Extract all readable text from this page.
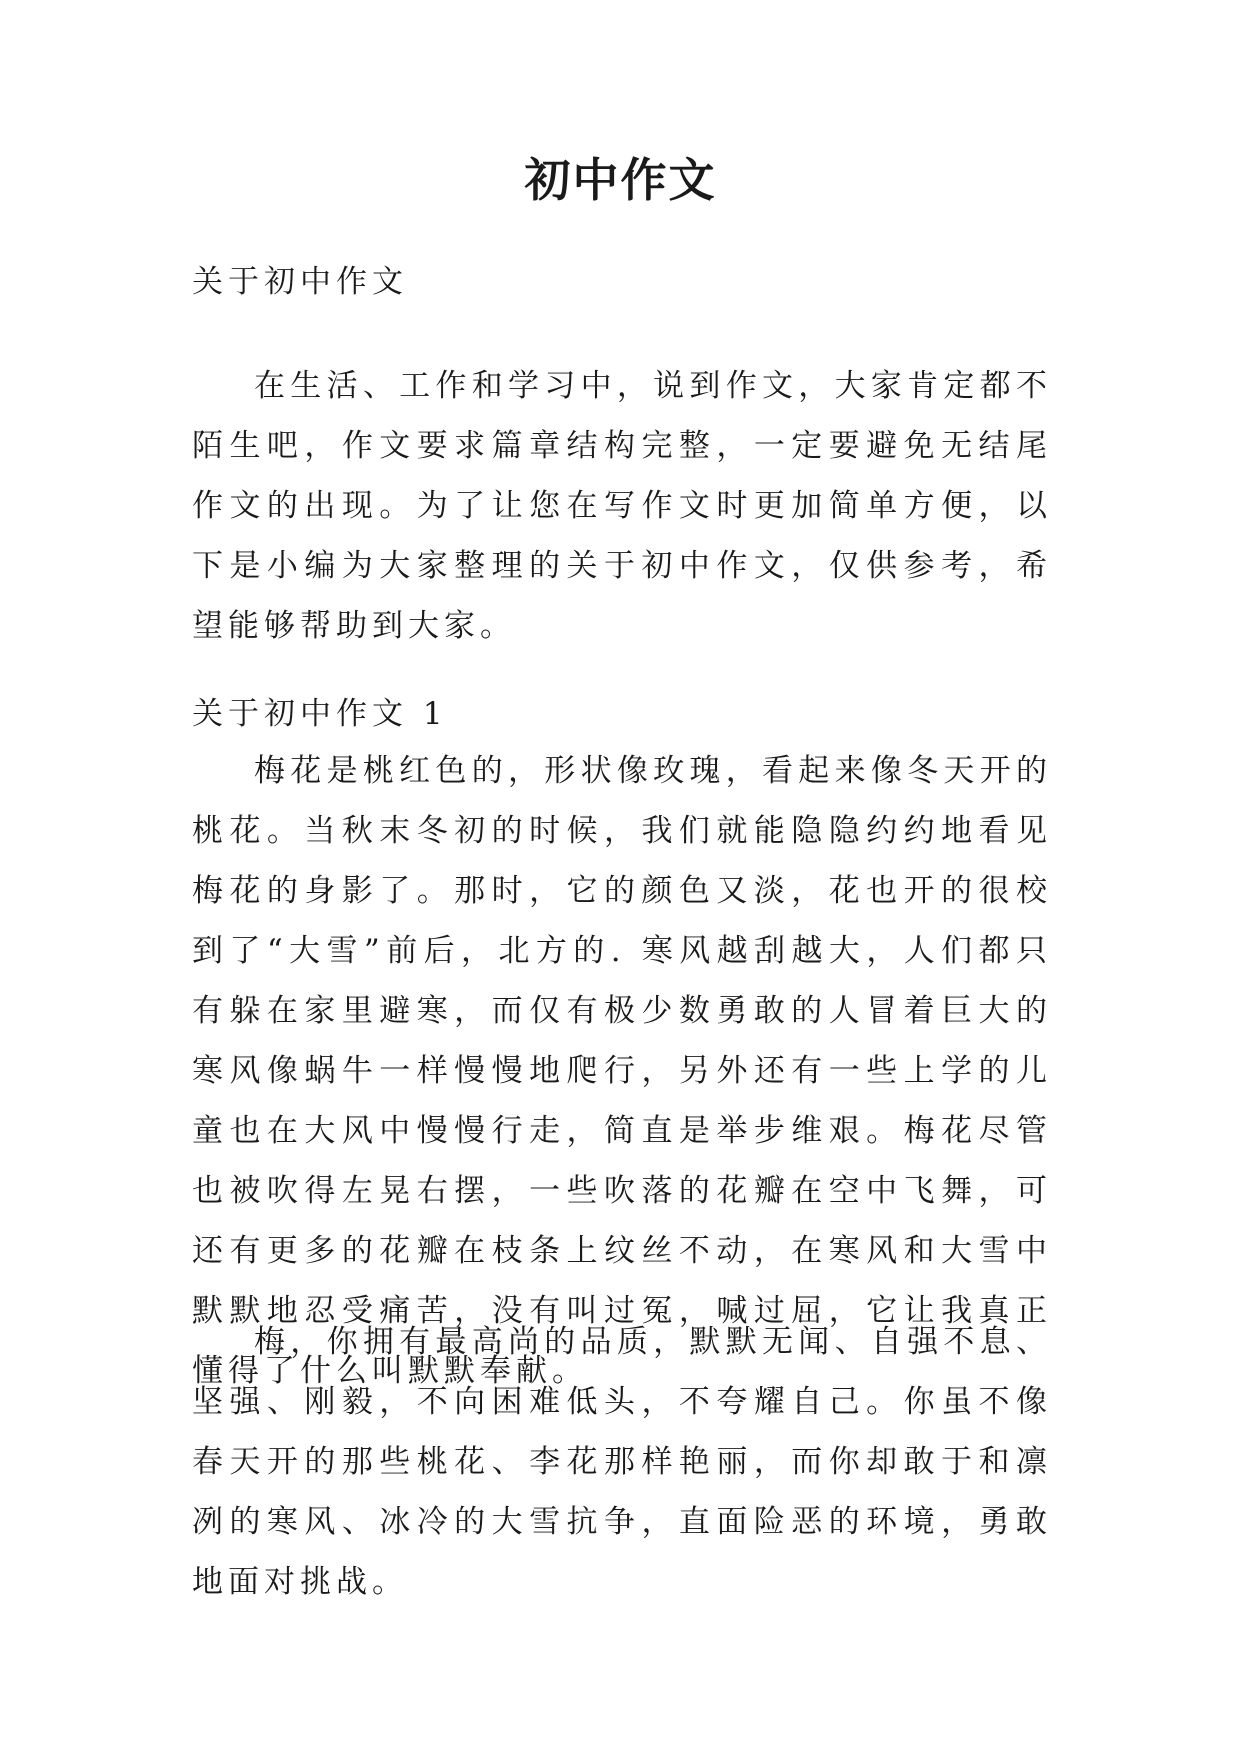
初中作文

关于初中作文

在生活、工作和学习中，说到作文，大家肯定都不陌生吧，作文要求篇章结构完整，一定要避免无结尾作文的出现。为了让您在写作文时更加简单方便，以下是小编为大家整理的关于初中作文，仅供参考，希望能够帮助到大家。

关于初中作文 1

梅花是桃红色的，形状像玫瑰，看起来像冬天开的桃花。当秋末冬初的时候，我们就能隐隐约约地看见梅花的身影了。那时，它的颜色又淡，花也开的很校到了“大雪”前后，北方的. 寒风越刮越大，人们都只有躲在家里避寒，而仅有极少数勇敢的人冒着巨大的寒风像蜗牛一样慢慢地爬行，另外还有一些上学的儿童也在大风中慢慢行走，简直是举步维艰。梅花尽管也被吹得左晃右摆，一些吹落的花瓣在空中飞舞，可还有更多的花瓣在枝条上纹丝不动，在寒风和大雪中默默地忍受痛苦，没有叫过冤，喊过屈，它让我真正懂得了什么叫默默奉献。

梅，你拥有最高尚的品质，默默无闻、自强不息、坚强、刚毅，不向困难低头，不夸耀自己。你虽不像春天开的那些桃花、李花那样艳丽，而你却敢于和凛冽的寒风、冰冷的大雪抗争，直面险恶的环境，勇敢地面对挑战。
